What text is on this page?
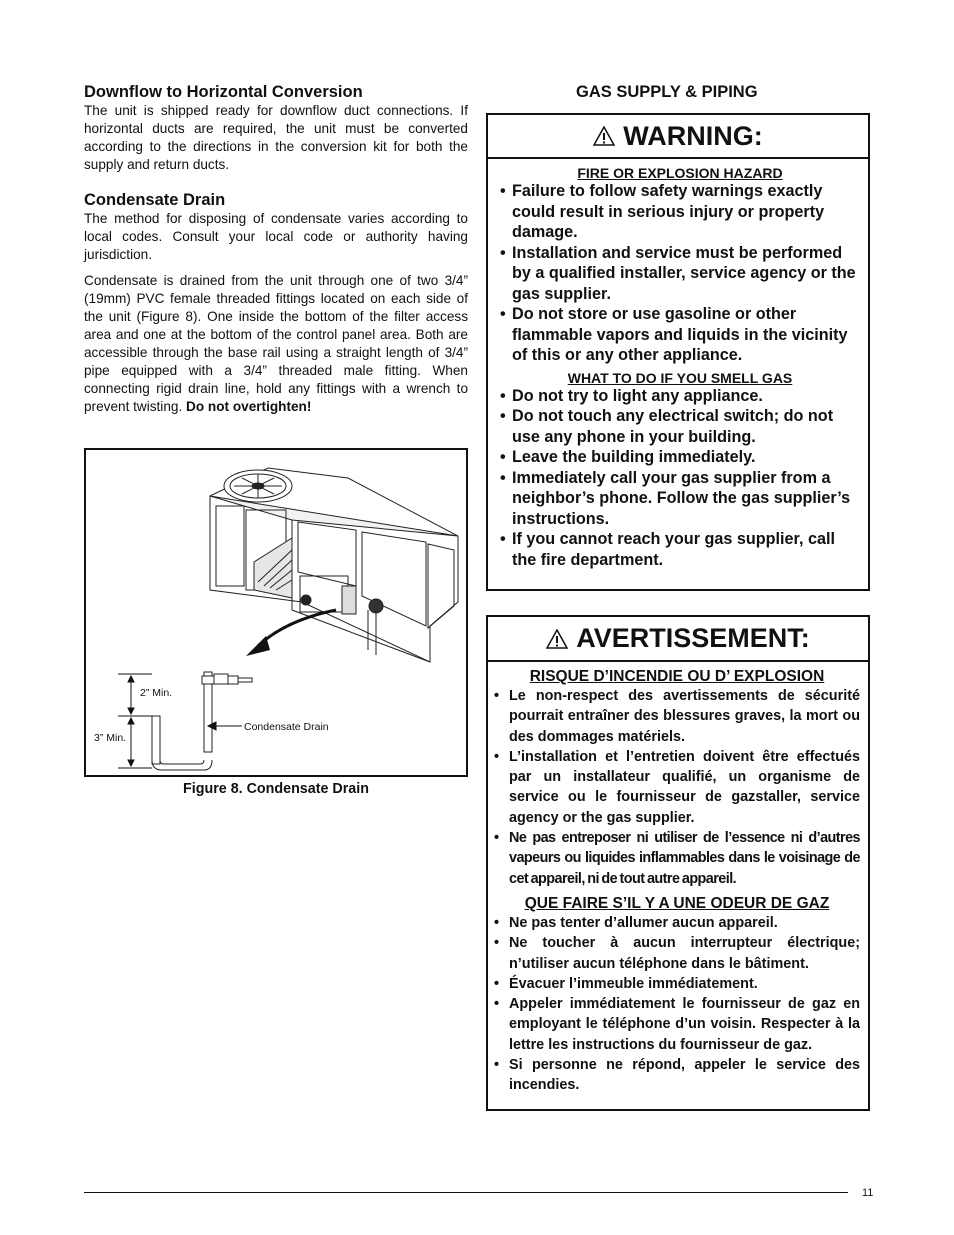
Downflow to Horizontal Conversion

The unit is shipped ready for downflow duct connections. If horizontal ducts are required, the unit must be converted according to the directions in the conversion kit for both the supply and return ducts.

Condensate Drain

The method for disposing of condensate varies according to local codes. Consult your local code or authority having jurisdiction.

Condensate is drained from the unit through one of two 3/4” (19mm) PVC female threaded fittings located on each side of the unit (Figure 8). One inside the bottom of the filter access area and one at the bottom of the control panel area. Both are accessible through the base rail using a straight length of 3/4” pipe equipped with a 3/4” threaded male fitting. When connecting rigid drain line, hold any fittings with a wrench to prevent twisting. Do not overtighten!

2” Min.
3” Min.
Condensate Drain
Figure 8. Condensate Drain
GAS SUPPLY & PIPING
WARNING:
FIRE OR EXPLOSION HAZARD
• Failure to follow safety warnings exactly could result in serious injury or property damage.
• Installation and service must be performed by a qualified installer, service agency or the gas supplier.
• Do not store or use gasoline or other flammable vapors and liquids in the vicinity of this or any other appliance.
WHAT TO DO IF YOU SMELL GAS
• Do not try to light any appliance.
• Do not touch any electrical switch; do not use any phone in your building.
• Leave the building immediately.
• Immediately call your gas supplier from a neighbor’s phone. Follow the gas supplier’s instructions.
• If you cannot reach your gas supplier, call the fire department.
AVERTISSEMENT:
RISQUE D’INCENDIE OU D’ EXPLOSION
• Le non-respect des avertissements de sécurité pourrait entraîner des blessures graves, la mort ou des dommages matériels.
• L’installation et l’entretien doivent être effectués par un installateur qualifié, un organisme de service ou le fournisseur de gazstaller, service agency or the gas supplier.
• Ne pas entreposer ni utiliser de l’essence ni d’autres vapeurs ou liquides inflammables dans le voisinage de cet appareil, ni de tout autre appareil.
QUE FAIRE S’IL Y A UNE ODEUR DE GAZ
• Ne pas tenter d’allumer aucun appareil.
• Ne toucher à aucun interrupteur électrique; n’utiliser aucun téléphone dans le bâtiment.
• Évacuer l’immeuble immédiatement.
• Appeler immédiatement le fournisseur de gaz en employant le téléphone d’un voisin. Respecter à la lettre les instructions du fournisseur de gaz.
• Si personne ne répond, appeler le service des incendies.
11
